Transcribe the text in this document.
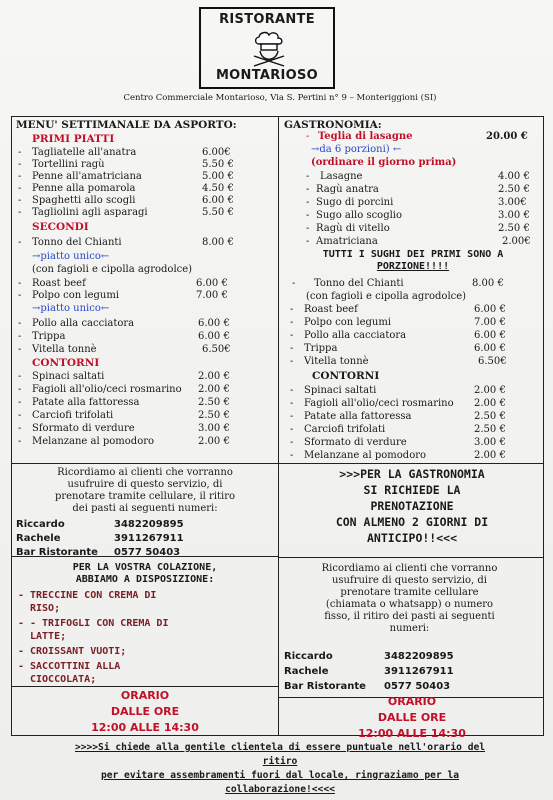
RISTORANTE
MONTARIOSO
Centro Commerciale Montarioso, Via S. Pertini n° 9 – Monteriggioni (SI)
MENU' SETTIMANALE DA ASPORTO:
PRIMI PIATTI
- Tagliatelle all'anatra	6.00€
- Tortellini ragù	5.50 €
- Penne all'amatriciana	5.00 €
- Penne alla pomarola	4.50 €
- Spaghetti allo scogli	6.00 €
- Tagliolini agli asparagi	5.50 €
SECONDI
- Tonno del Chianti	8.00 €
→piatto unico←
(con fagioli e cipolla agrodolce)
- Roast beef	6.00 €
- Polpo con legumi	7.00 €
→piatto unico←
- Pollo alla cacciatora	6.00 €
- Trippa	6.00 €
- Vitella tonnè	6.50€
CONTORNI
- Spinaci saltati	2.00 €
- Fagioli all'olio/ceci rosmarino 2.00 €
- Patate alla fattoressa	2.50 €
- Carciofi trifolati	2.50 €
- Sformato di verdure	3.00 €
- Melanzane al pomodoro	2.00 €
GASTRONOMIA:
- Teglia di lasagne	20.00 €
→da 6 porzioni) ←
(ordinare il giorno prima)
- Lasagne	4.00 €
- Ragù anatra	2.50 €
- Sugo di porcini	3.00€
- Sugo allo scoglio	3.00 €
- Ragù di vitello	2.50 €
- Amatriciana	2.00€
TUTTI I SUGHI DEI PRIMI SONO A
PORZIONE!!!!
- Tonno del Chianti	8.00 €
(con fagioli e cipolla agrodolce)
- Roast beef	6.00 €
- Polpo con legumi	7.00 €
- Pollo alla cacciatora	6.00 €
- Trippa	6.00 €
- Vitella tonnè	6.50€
CONTORNI
- Spinaci saltati	2.00 €
- Fagioli all'olio/ceci rosmarino 2.00 €
- Patate alla fattoressa	2.50 €
- Carciofi trifolati	2.50 €
- Sformato di verdure	3.00 €
- Melanzane al pomodoro	2.00 €
Ricordiamo ai clienti che vorranno
usufruire di questo servizio, di
prenotare tramite cellulare, il ritiro
dei pasti ai seguenti numeri:
Riccardo	3482209895
Rachele	3911267911
Bar Ristorante 0577 50403
>>>PER LA GASTRONOMIA
SI RICHIEDE LA
PRENOTAZIONE
CON ALMENO 2 GIORNI DI
ANTICIPO!!<<<
PER LA VOSTRA COLAZIONE,
ABBIAMO A DISPOSIZIONE:
- TRECCINE CON CREMA DI
RISO;
- - TRIFOGLI CON CREMA DI
LATTE;
- CROISSANT VUOTI;
- SACCOTTINI ALLA
CIOCCOLATA;
Ricordiamo ai clienti che vorranno
usufruire di questo servizio, di
prenotare tramite cellulare
(chiamata o whatsapp) o numero
fisso, il ritiro dei pasti ai seguenti
numeri:
Riccardo	3482209895
Rachele	3911267911
Bar Ristorante 0577 50403
ORARIO
DALLE ORE
12:00 ALLE 14:30
ORARIO
DALLE ORE
12:00 ALLE 14:30
>>>>Si chiede alla gentile clientela di essere puntuale nell'orario del ritiro
per evitare assembramenti fuori dal locale, ringraziamo per la
collaborazione!<<<<
